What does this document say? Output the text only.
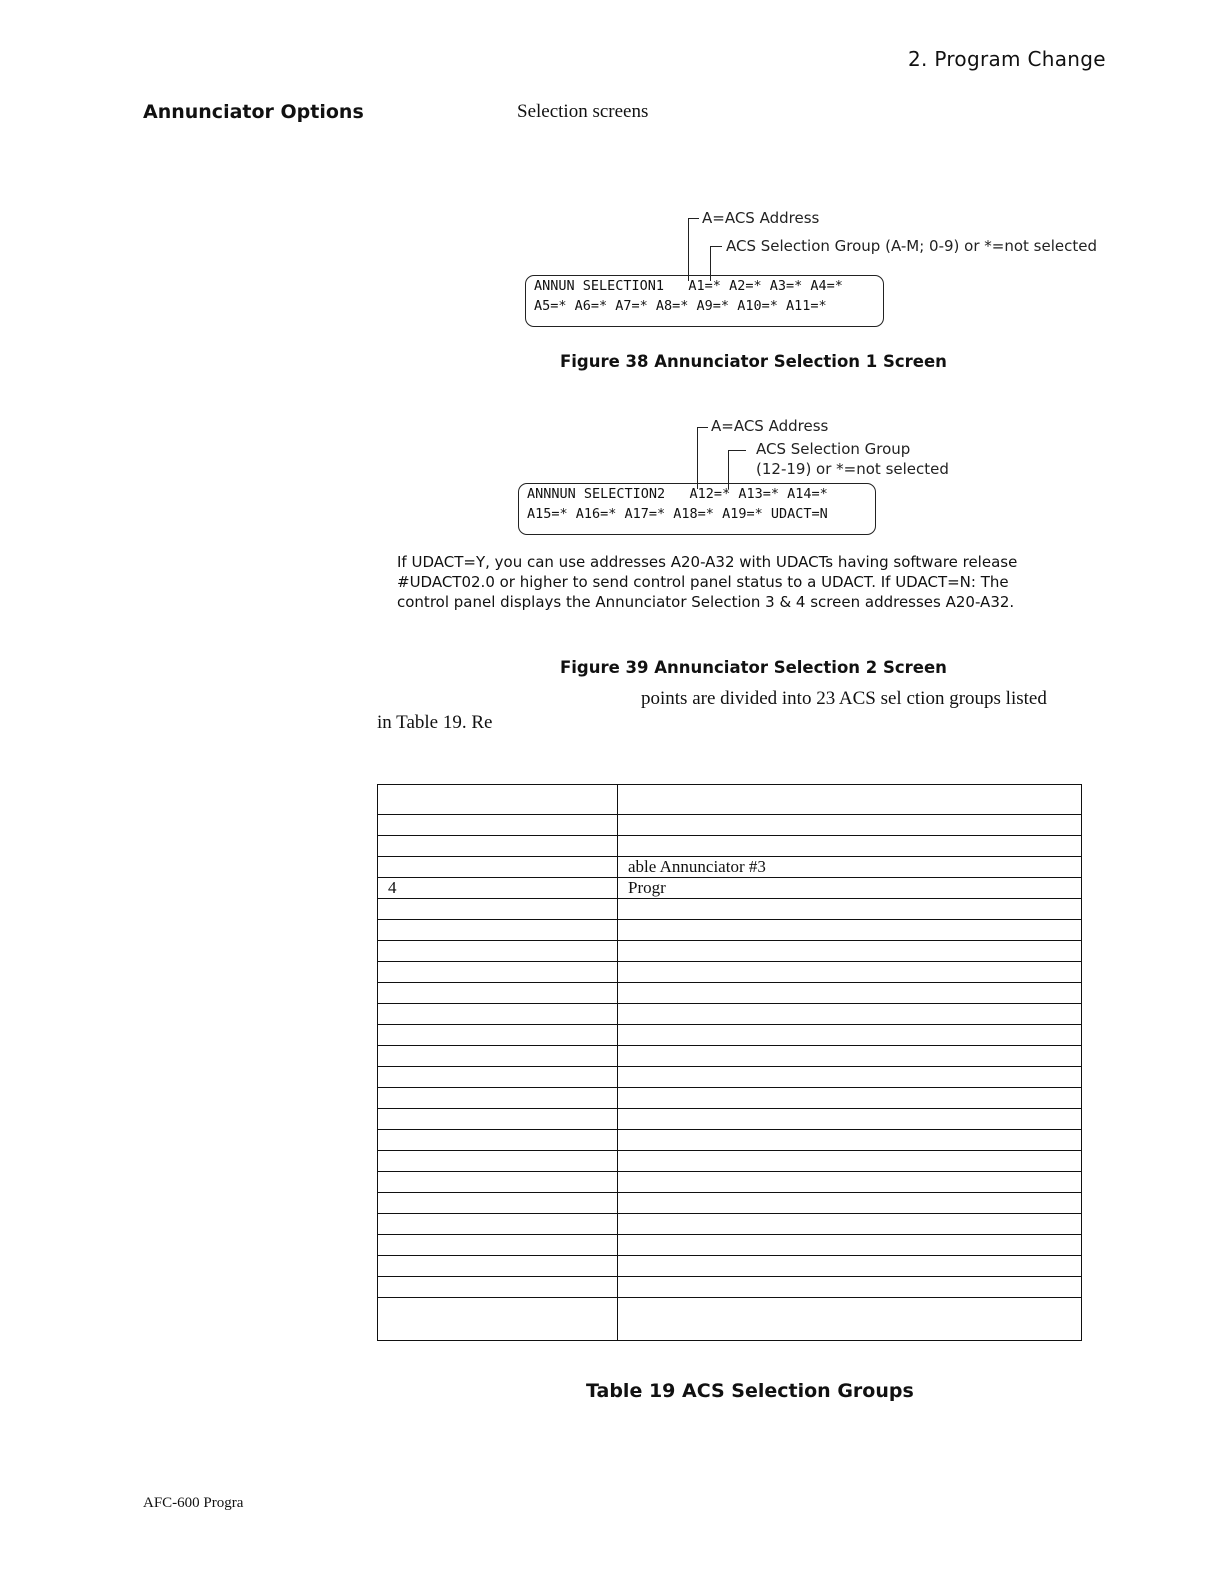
2. Program Change
Annunciator Options	Selection screens
A=ACS Address
ACS Selection Group (A-M; 0-9) or *=not selected
ANNUN SELECTION1   A1=* A2=* A3=* A4=*
A5=* A6=* A7=* A8=* A9=* A10=* A11=*
Figure 38 Annunciator Selection 1 Screen
A=ACS Address
ACS Selection Group
(12-19) or *=not selected
ANNNUN SELECTION2   A12=* A13=* A14=*
A15=* A16=* A17=* A18=* A19=* UDACT=N
If UDACT=Y, you can use addresses A20-A32 with UDACTs having software release #UDACT02.0 or higher to send control panel status to a UDACT. If UDACT=N: The control panel displays the Annunciator Selection 3 & 4 screen addresses A20-A32.
Figure 39 Annunciator Selection 2 Screen
points are divided into 23 ACS sel ction groups listed
in Table 19. Re

	able Annunciator #3
4	Progr

Table 19 ACS Selection Groups
AFC-600 Progra
